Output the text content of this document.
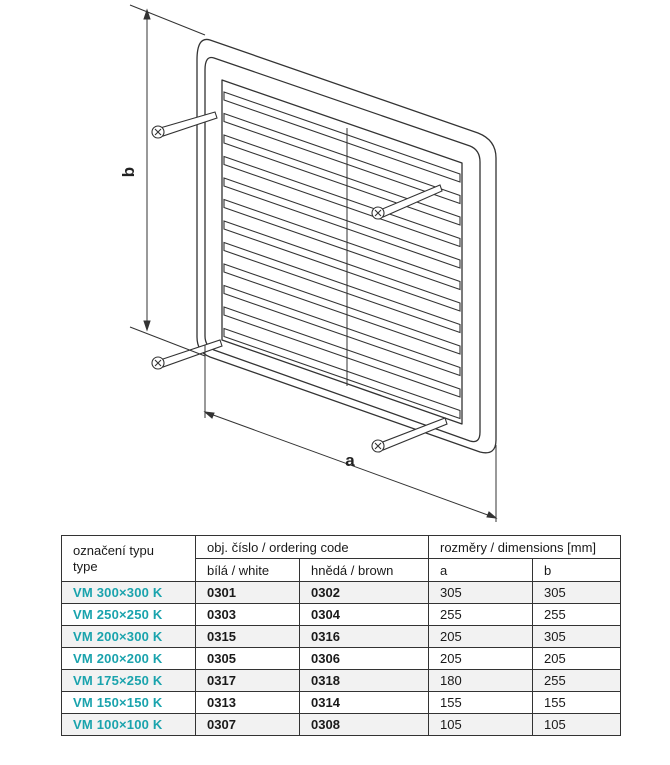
b
a
označení typu
type	obj. číslo / ordering code		rozměry / dimensions [mm]	
	bílá / white	hnědá / brown	a	b
VM 300×300 K	0301	0302	305	305
VM 250×250 K	0303	0304	255	255
VM 200×300 K	0315	0316	205	305
VM 200×200 K	0305	0306	205	205
VM 175×250 K	0317	0318	180	255
VM 150×150 K	0313	0314	155	155
VM 100×100 K	0307	0308	105	105
